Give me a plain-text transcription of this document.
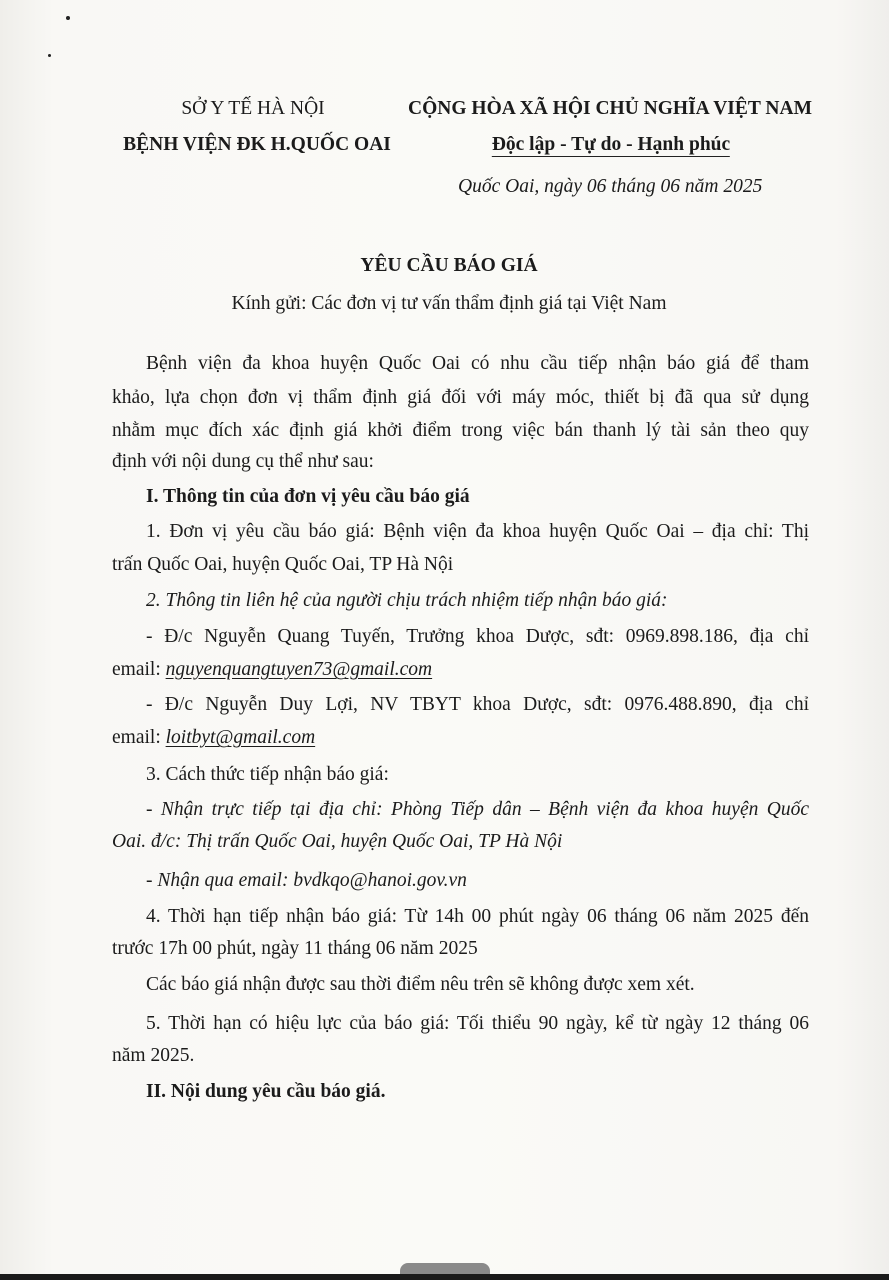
SỞ Y TẾ HÀ NỘI
BỆNH VIỆN ĐK H.QUỐC OAI
CỘNG HÒA XÃ HỘI CHỦ NGHĨA VIỆT NAM
Độc lập - Tự do - Hạnh phúc
Quốc Oai, ngày 06 tháng 06 năm 2025
YÊU CẦU BÁO GIÁ
Kính gửi: Các đơn vị tư vấn thẩm định giá tại Việt Nam
Bệnh viện đa khoa huyện Quốc Oai có nhu cầu tiếp nhận báo giá để tham
khảo, lựa chọn đơn vị thẩm định giá đối với máy móc, thiết bị đã qua sử dụng
nhằm mục đích xác định giá khởi điểm trong việc bán thanh lý tài sản theo quy
định với nội dung cụ thể như sau:
I. Thông tin của đơn vị yêu cầu báo giá
1. Đơn vị yêu cầu báo giá: Bệnh viện đa khoa huyện Quốc Oai – địa chỉ: Thị
trấn Quốc Oai, huyện Quốc Oai, TP Hà Nội
2. Thông tin liên hệ của người chịu trách nhiệm tiếp nhận báo giá:
- Đ/c Nguyễn Quang Tuyến, Trưởng khoa Dược, sđt: 0969.898.186, địa chỉ
email: nguyenquangtuyen73@gmail.com
- Đ/c Nguyễn Duy Lợi, NV TBYT khoa Dược, sđt: 0976.488.890, địa chỉ
email: loitbyt@gmail.com
3. Cách thức tiếp nhận báo giá:
- Nhận trực tiếp tại địa chỉ: Phòng Tiếp dân – Bệnh viện đa khoa huyện Quốc
Oai. đ/c: Thị trấn Quốc Oai, huyện Quốc Oai, TP Hà Nội
- Nhận qua email: bvdkqo@hanoi.gov.vn
4. Thời hạn tiếp nhận báo giá: Từ 14h 00 phút ngày 06 tháng 06 năm 2025 đến
trước 17h 00 phút, ngày 11 tháng 06 năm 2025
Các báo giá nhận được sau thời điểm nêu trên sẽ không được xem xét.
5. Thời hạn có hiệu lực của báo giá: Tối thiểu 90 ngày, kể từ ngày 12 tháng 06
năm 2025.
II. Nội dung yêu cầu báo giá.
